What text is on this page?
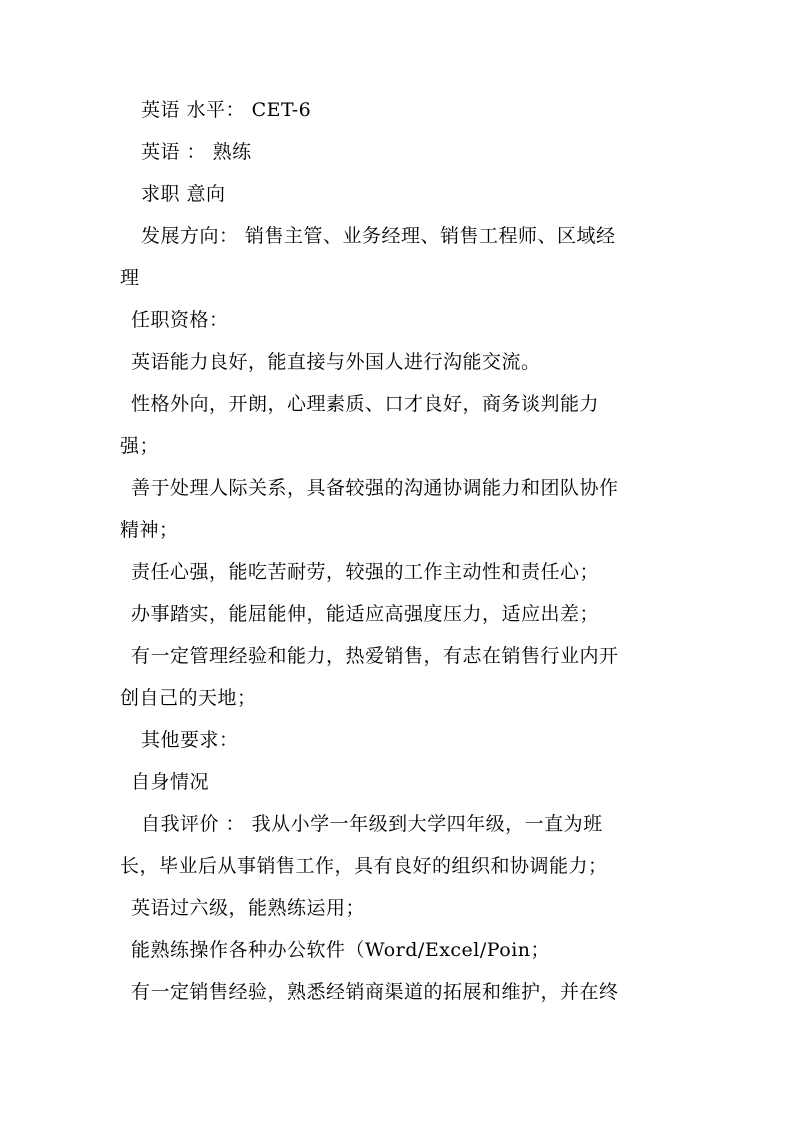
英语 水平： CET-6
英语 ： 熟练
求职 意向
发展方向： 销售主管、业务经理、销售工程师、区域经
理
任职资格：
英语能力良好，能直接与外国人进行沟能交流。
性格外向，开朗，心理素质、口才良好，商务谈判能力
强；
善于处理人际关系，具备较强的沟通协调能力和团队协作
精神；
责任心强，能吃苦耐劳，较强的工作主动性和责任心；
办事踏实，能屈能伸，能适应高强度压力，适应出差；
有一定管理经验和能力，热爱销售，有志在销售行业内开
创自己的天地；
其他要求：
自身情况
自我评价 ： 我从小学一年级到大学四年级，一直为班
长，毕业后从事销售工作，具有良好的组织和协调能力；
英语过六级，能熟练运用；
能熟练操作各种办公软件（Word/Excel/Poin；
有一定销售经验，熟悉经销商渠道的拓展和维护，并在终
